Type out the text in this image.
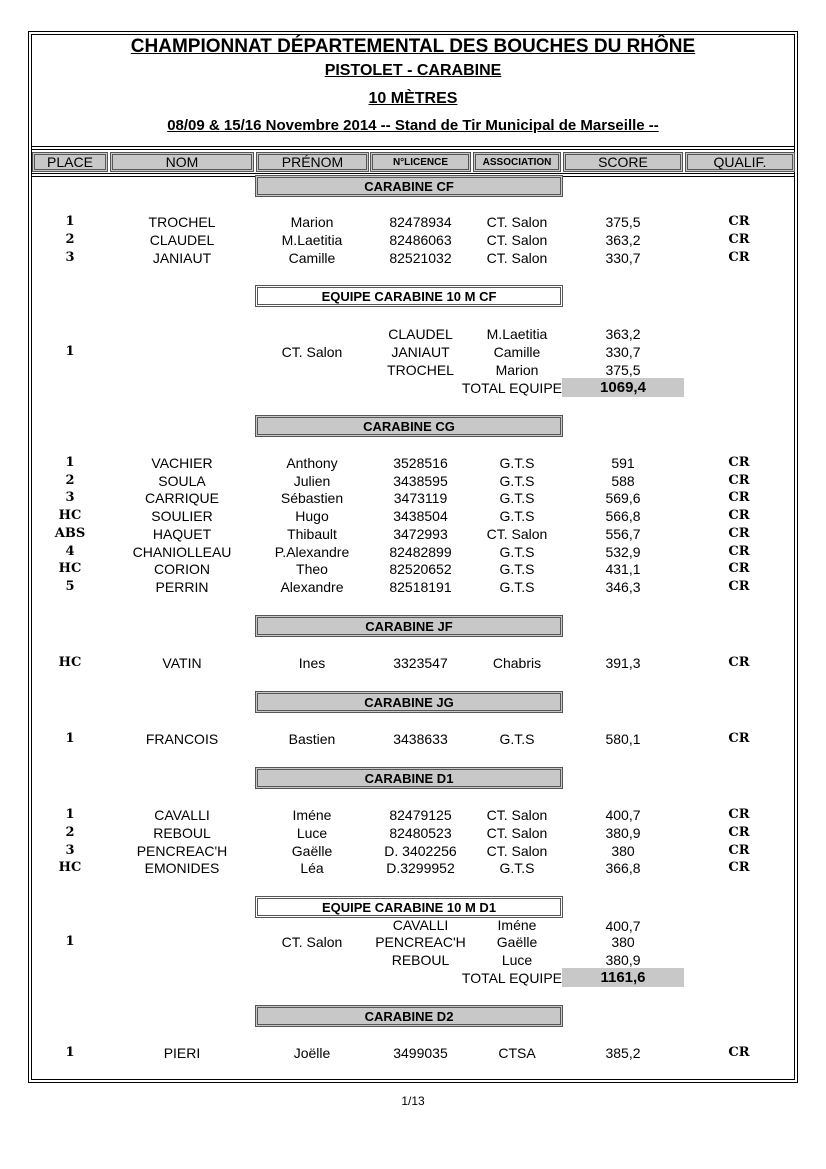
CHAMPIONNAT DÉPARTEMENTAL DES BOUCHES DU RHÔNE
PISTOLET - CARABINE
10 MÈTRES
08/09 & 15/16 Novembre 2014 -- Stand de Tir Municipal de Marseille --
PLACE	NOM	PRÉNOM	N°LICENCE	ASSOCIATION	SCORE	QUALIF.
CARABINE CF
1	TROCHEL	Marion	82478934	CT. Salon	375,5	CR
2	CLAUDEL	M.Laetitia	82486063	CT. Salon	363,2	CR
3	JANIAUT	Camille	82521032	CT. Salon	330,7	CR
EQUIPE CARABINE 10 M CF
1	CT. Salon
CLAUDEL	M.Laetitia	363,2
JANIAUT	Camille	330,7
TROCHEL	Marion	375,5
TOTAL EQUIPE	1069,4
CARABINE CG
1	VACHIER	Anthony	3528516	G.T.S	591	CR
2	SOULA	Julien	3438595	G.T.S	588	CR
3	CARRIQUE	Sébastien	3473119	G.T.S	569,6	CR
HC	SOULIER	Hugo	3438504	G.T.S	566,8	CR
ABS	HAQUET	Thibault	3472993	CT. Salon	556,7	CR
4	CHANIOLLEAU	P.Alexandre	82482899	G.T.S	532,9	CR
HC	CORION	Theo	82520652	G.T.S	431,1	CR
5	PERRIN	Alexandre	82518191	G.T.S	346,3	CR
CARABINE JF
HC	VATIN	Ines	3323547	Chabris	391,3	CR
CARABINE JG
1	FRANCOIS	Bastien	3438633	G.T.S	580,1	CR
CARABINE D1
1	CAVALLI	Iméne	82479125	CT. Salon	400,7	CR
2	REBOUL	Luce	82480523	CT. Salon	380,9	CR
3	PENCREAC'H	Gaëlle	D. 3402256	CT. Salon	380	CR
HC	EMONIDES	Léa	D.3299952	G.T.S	366,8	CR
EQUIPE CARABINE 10 M D1
1	CT. Salon
CAVALLI	Iméne	400,7
PENCREAC'H	Gaëlle	380
REBOUL	Luce	380,9
TOTAL EQUIPE	1161,6
CARABINE D2
1	PIERI	Joëlle	3499035	CTSA	385,2	CR
1/13
